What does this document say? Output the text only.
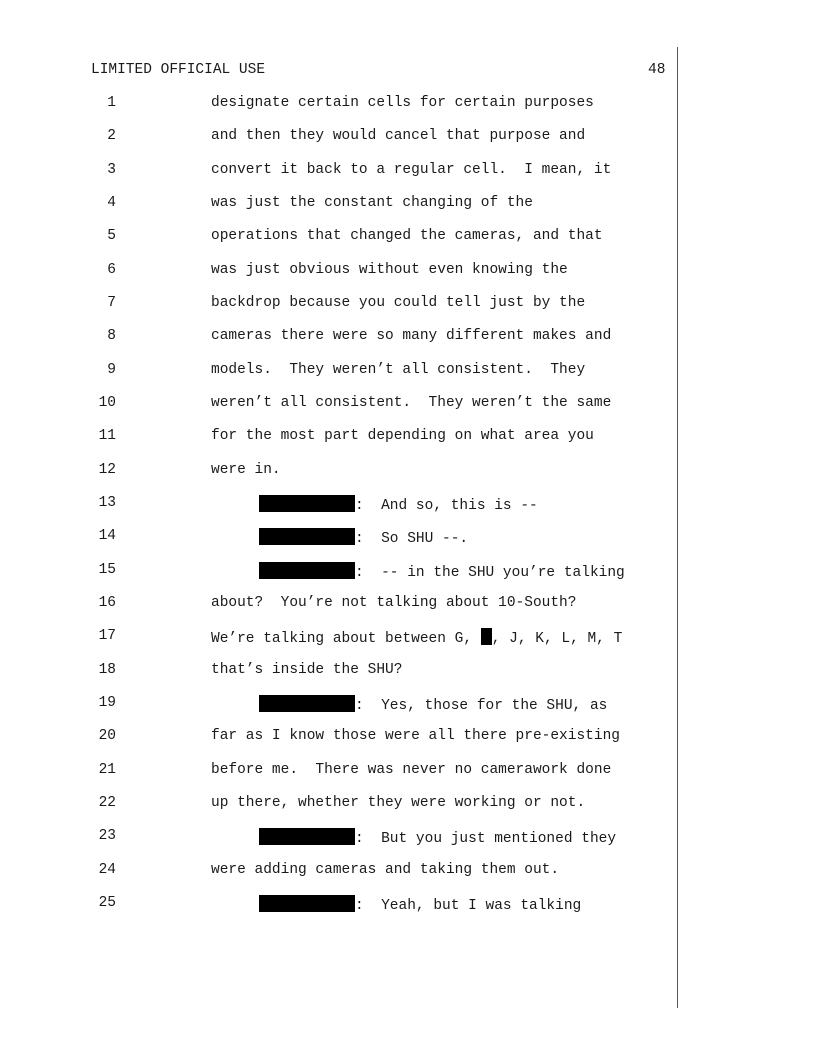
LIMITED OFFICIAL USE	48
1	designate certain cells for certain purposes
2	and then they would cancel that purpose and
3	convert it back to a regular cell.  I mean, it
4	was just the constant changing of the
5	operations that changed the cameras, and that
6	was just obvious without even knowing the
7	backdrop because you could tell just by the
8	cameras there were so many different makes and
9	models.  They weren’t all consistent.  They
10	weren’t all consistent.  They weren’t the same
11	for the most part depending on what area you
12	were in.
13	:  And so, this is --
14	:  So SHU --.
15	:  -- in the SHU you’re talking
16	about?  You’re not talking about 10-South?
17	We’re talking about between G, , J, K, L, M, T
18	that’s inside the SHU?
19	:  Yes, those for the SHU, as
20	far as I know those were all there pre-existing
21	before me.  There was never no camerawork done
22	up there, whether they were working or not.
23	:  But you just mentioned they
24	were adding cameras and taking them out.
25	:  Yeah, but I was talking
